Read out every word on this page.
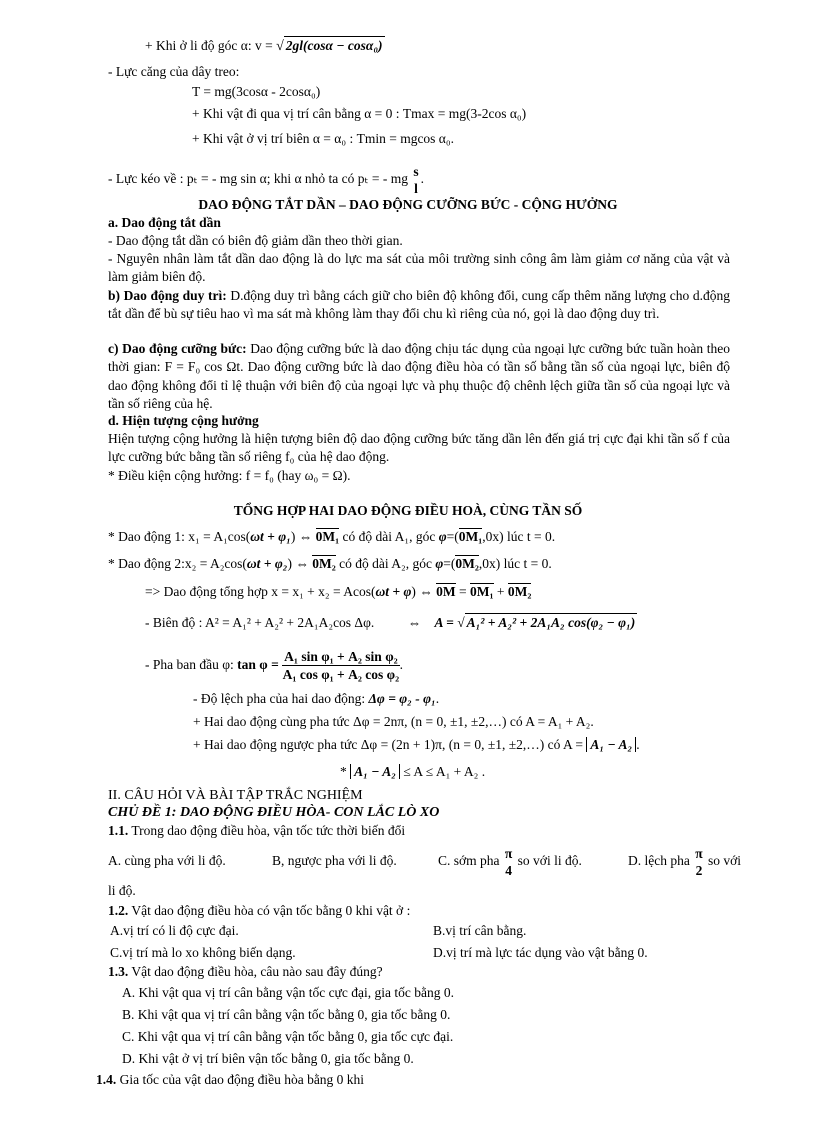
+ Khi ở li độ góc α: v = √ 2gl(cosα − cosα₀)
- Lực căng của dây treo:
T = mg(3cosα - 2cosα₀)
+ Khi vật đi qua vị trí cân bằng α = 0 : Tmax = mg(3-2cos α₀)
+ Khi vật ở vị trí biên α = α₀ : Tmin = mgcos α₀.
- Lực kéo về : pₜ = - mg sin α; khi α nhỏ ta có pₜ = - mg s
l
.
DAO ĐỘNG TẮT DẦN – DAO ĐỘNG CƯỠNG BỨC - CỘNG HƯỞNG
a. Dao động tắt dần
- Dao động tắt dần có biên độ giảm dần theo thời gian.
- Nguyên nhân làm tắt dần dao động là do lực ma sát của môi trường sinh công âm làm giảm cơ năng của vật và làm giảm biên độ.
b) Dao động duy trì: D.động duy trì bằng cách giữ cho biên độ không đổi, cung cấp thêm năng lượng cho d.động tắt dần để bù sự tiêu hao vì ma sát mà không làm thay đổi chu kì riêng của nó, gọi là dao động duy trì.
c) Dao động cưỡng bức: Dao động cưỡng bức là dao động chịu tác dụng của ngoại lực cưỡng bức tuần hoàn theo thời gian: F = F₀ cos Ωt. Dao động cưỡng bức là dao động điều hòa có tần số bằng tần số của ngoại lực, biên độ dao động không đổi tỉ lệ thuận với biên độ của ngoại lực và phụ thuộc độ chênh lệch giữa tần số của ngoại lực và tần số riêng của hệ.
d. Hiện tượng cộng hưởng
Hiện tượng cộng hưởng là hiện tượng biên độ dao động cưỡng bức tăng dần lên đến giá trị cực đại khi tần số f của lực cưỡng bức bằng tần số riêng f₀ của hệ dao động.
* Điều kiện cộng hưởng: f = f₀ (hay ω₀ = Ω).
TỔNG HỢP HAI DAO ĐỘNG ĐIỀU HOÀ, CÙNG TẦN SỐ
* Dao động 1: x₁ = A₁cos(ωt + φ₁) ⇔ 0M₁ có độ dài A₁, góc φ=(0M₁,0x) lúc t = 0.
* Dao động 2:x₂ = A₂cos(ωt + φ₂) ⇔ 0M₂ có độ dài A₂, góc φ=(0M₂,0x) lúc t = 0.
=> Dao động tổng hợp x = x₁ + x₂ = Acos(ωt + φ) ⇔ 0M = 0M₁ + 0M₂
- Biên độ : A² = A₁² + A₂² + 2A₁A₂cos Δφ. ⇔ A = √ A₁² + A₂² + 2A₁A₂ cos(φ₂ − φ₁)
- Pha ban đầu φ: $\tan \varphi = \frac{\text{A₁ sin φ₁ + A₂ sin φ₂}}{\text{A₁ cos φ₁ + A₂ cos φ₂}}$ .
- Độ lệch pha của hai dao động: Δφ = φ₂ - φ₁.
+ Hai dao động cùng pha tức Δφ = 2nπ, (n = 0, ±1, ±2,…) có A = A₁ + A₂.
+ Hai dao động ngược pha tức Δφ = (2n + 1)π, (n = 0, ±1, ±2,…) có A = A₁ − A₂ .
* A₁ − A₂ ≤ A ≤ A₁ + A₂ .
II. CÂU HỎI VÀ BÀI TẬP TRẮC NGHIỆM
CHỦ ĐỀ 1: DAO ĐỘNG ĐIỀU HÒA- CON LẮC LÒ XO
1.1. Trong dao động điều hòa, vận tốc tức thời biến đổi
A. cùng pha với li độ.	B, ngược pha với li độ.	C. sớm pha π
4
so với li độ.	D. lệch pha π
2
so với
li độ.
1.2. Vật dao động điều hòa có vận tốc bằng 0 khi vật ở :
A.vị trí có li độ cực đại.	B.vị trí cân bằng.
C.vị trí mà lo xo không biến dạng.	D.vị trí mà lực tác dụng vào vật bằng 0.
1.3. Vật dao động điều hòa, câu nào sau đây đúng?
A. Khi vật qua vị trí cân bằng vận tốc cực đại, gia tốc bằng 0.
B. Khi vật qua vị trí cân bằng vận tốc bằng 0, gia tốc bằng 0.
C. Khi vật qua vị trí cân bằng vận tốc bằng 0, gia tốc cực đại.
D. Khi vật ở vị trí biên vận tốc bằng 0, gia tốc bằng 0.
1.4. Gia tốc của vật dao động điều hòa bằng 0 khi
